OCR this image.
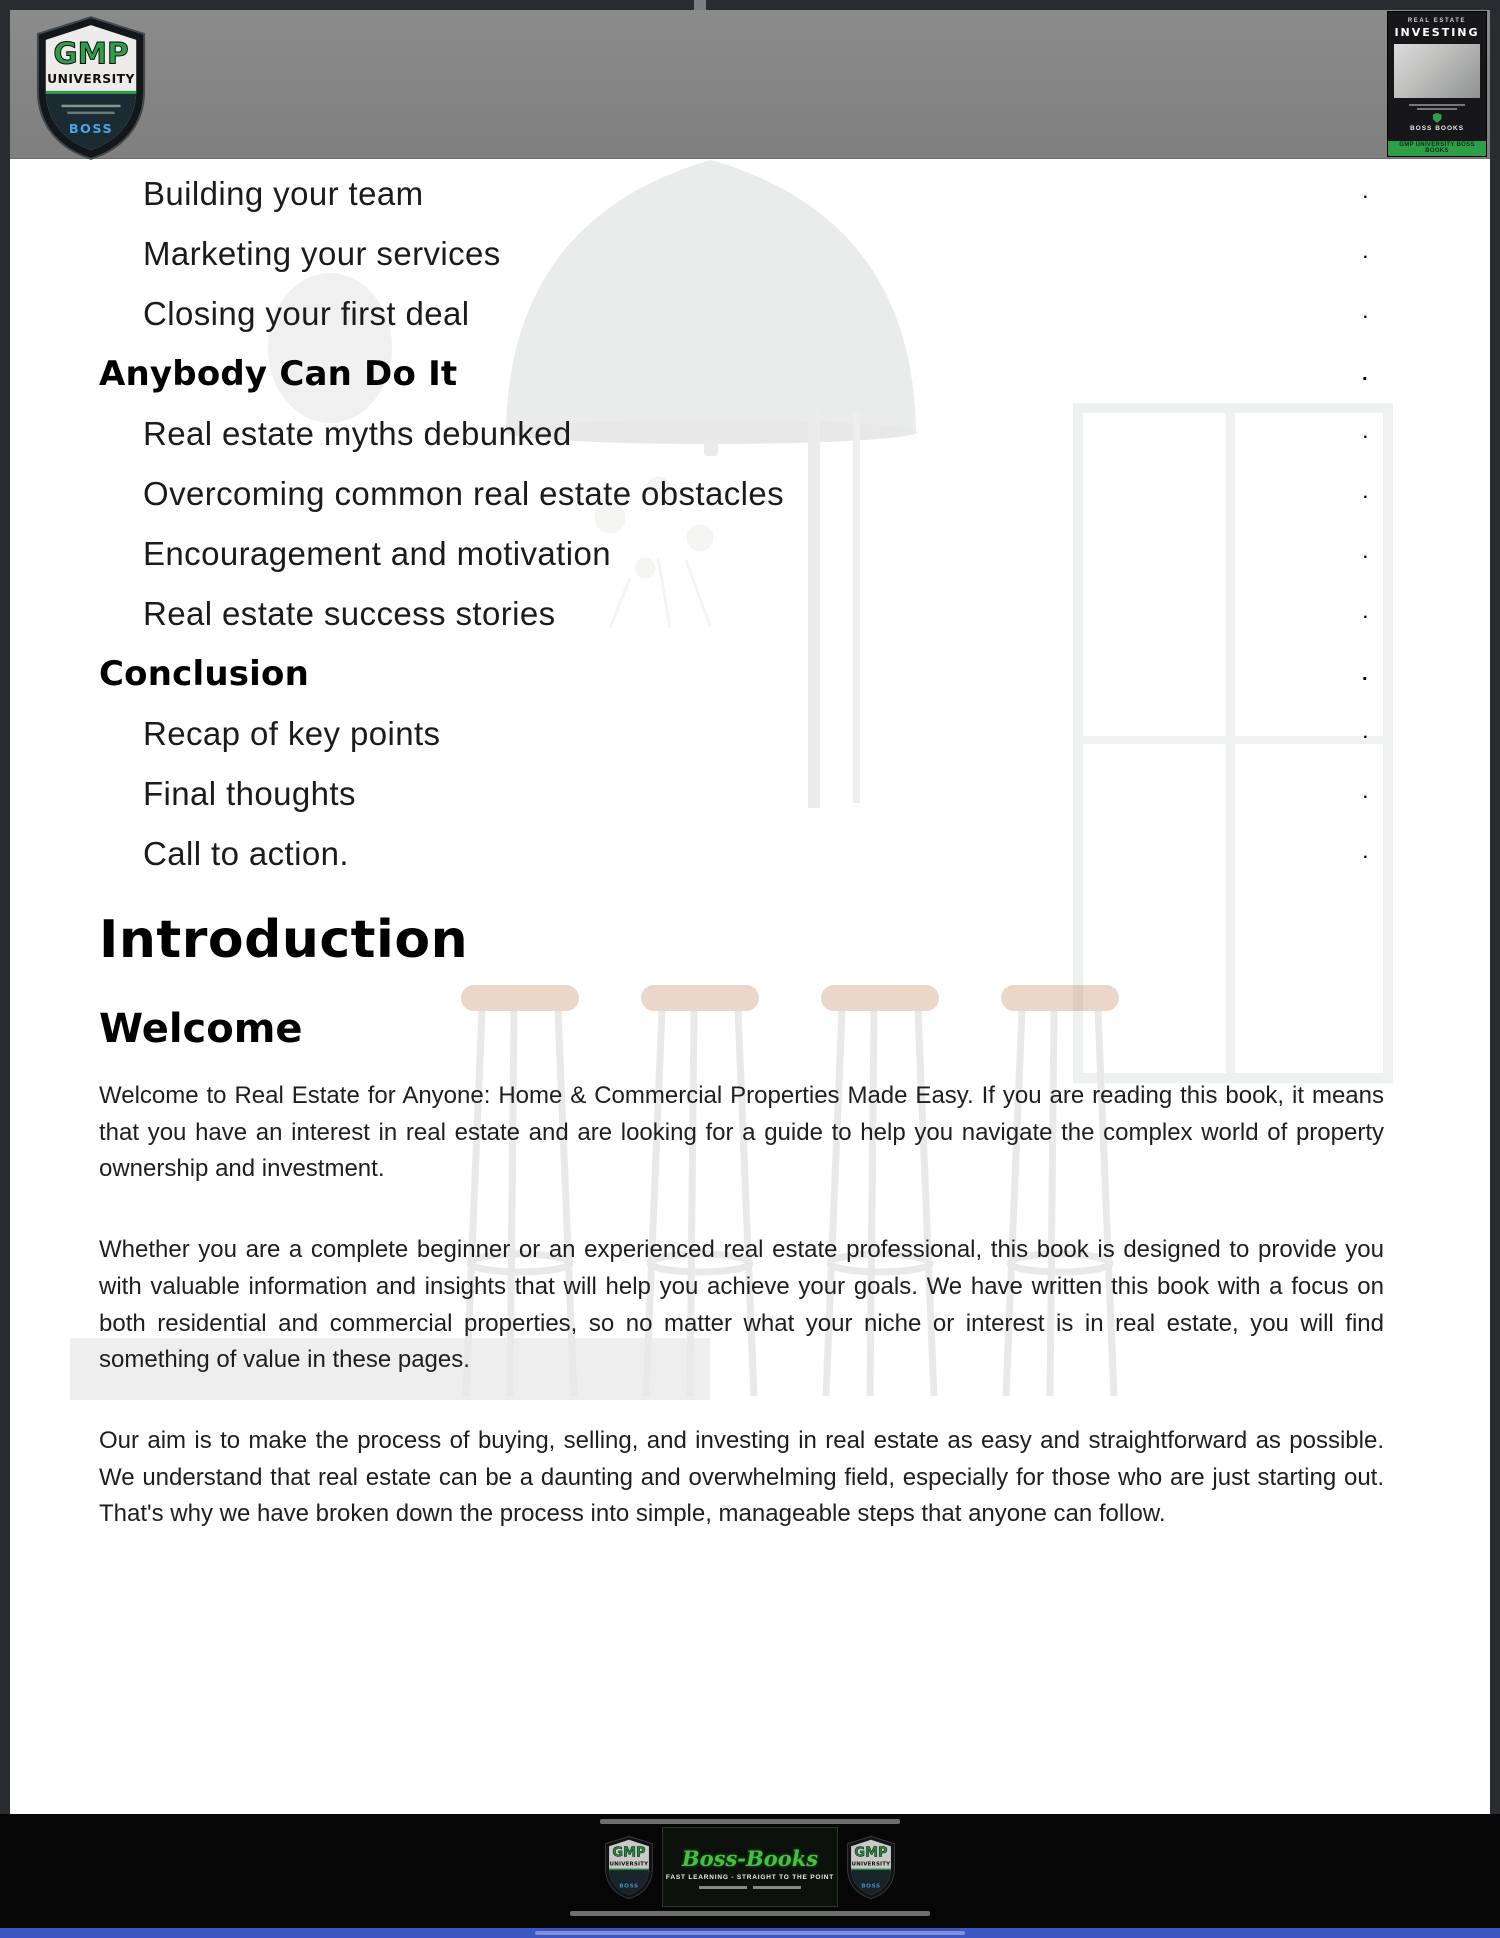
GMP
UNIVERSITY
BOSS
REAL ESTATE
INVESTING
BOSS BOOKS
GMP UNIVERSITY BOSS BOOKS
Building your team	.
Marketing your services	.
Closing your first deal	.
Anybody Can Do It	.
Real estate myths debunked	.
Overcoming common real estate obstacles	.
Encouragement and motivation	.
Real estate success stories	.
Conclusion	.
Recap of key points	.
Final thoughts	.
Call to action.	.
Introduction
Welcome

Welcome to Real Estate for Anyone: Home & Commercial Properties Made Easy. If you are reading this book, it means that you have an interest in real estate and are looking for a guide to help you navigate the complex world of property ownership and investment.

Whether you are a complete beginner or an experienced real estate professional, this book is designed to provide you with valuable information and insights that will help you achieve your goals. We have written this book with a focus on both residential and commercial properties, so no matter what your niche or interest is in real estate, you will find something of value in these pages.

Our aim is to make the process of buying, selling, and investing in real estate as easy and straightforward as possible. We understand that real estate can be a daunting and overwhelming field, especially for those who are just starting out. That's why we have broken down the process into simple, manageable steps that anyone can follow.

GMP
UNIVERSITY
BOSS
Boss-Books
FAST LEARNING - STRAIGHT TO THE POINT
GMP
UNIVERSITY
BOSS
